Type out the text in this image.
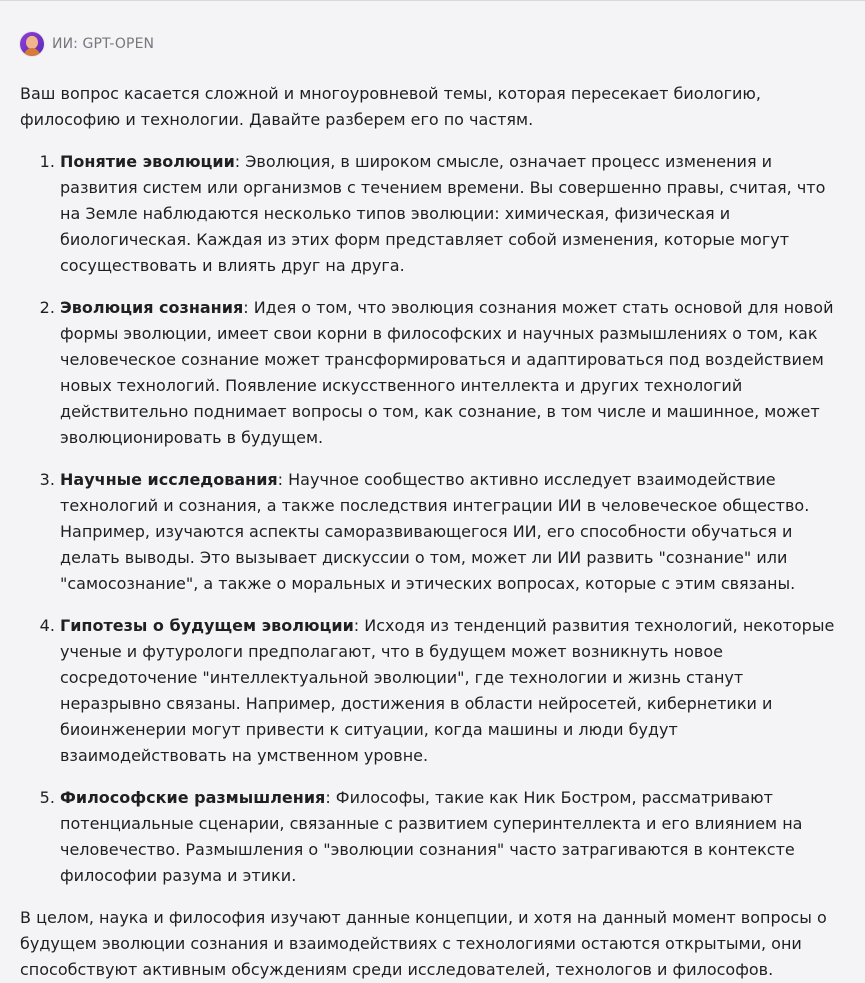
ИИ: GPT-OPEN

Ваш вопрос касается сложной и многоуровневой темы, которая пересекает биологию, философию и технологии. Давайте разберем его по частям.

1. Понятие эволюции: Эволюция, в широком смысле, означает процесс изменения и развития систем или организмов с течением времени. Вы совершенно правы, считая, что на Земле наблюдаются несколько типов эволюции: химическая, физическая и биологическая. Каждая из этих форм представляет собой изменения, которые могут сосуществовать и влиять друг на друга.
2. Эволюция сознания: Идея о том, что эволюция сознания может стать основой для новой формы эволюции, имеет свои корни в философских и научных размышлениях о том, как человеческое сознание может трансформироваться и адаптироваться под воздействием новых технологий. Появление искусственного интеллекта и других технологий действительно поднимает вопросы о том, как сознание, в том числе и машинное, может эволюционировать в будущем.
3. Научные исследования: Научное сообщество активно исследует взаимодействие технологий и сознания, а также последствия интеграции ИИ в человеческое общество. Например, изучаются аспекты саморазвивающегося ИИ, его способности обучаться и делать выводы. Это вызывает дискуссии о том, может ли ИИ развить "сознание" или "самосознание", а также о моральных и этических вопросах, которые с этим связаны.
4. Гипотезы о будущем эволюции: Исходя из тенденций развития технологий, некоторые ученые и футурологи предполагают, что в будущем может возникнуть новое сосредоточение "интеллектуальной эволюции", где технологии и жизнь станут неразрывно связаны. Например, достижения в области нейросетей, кибернетики и биоинженерии могут привести к ситуации, когда машины и люди будут взаимодействовать на умственном уровне.
5. Философские размышления: Философы, такие как Ник Бостром, рассматривают потенциальные сценарии, связанные с развитием суперинтеллекта и его влиянием на человечество. Размышления о "эволюции сознания" часто затрагиваются в контексте философии разума и этики.

В целом, наука и философия изучают данные концепции, и хотя на данный момент вопросы о будущем эволюции сознания и взаимодействиях с технологиями остаются открытыми, они способствуют активным обсуждениям среди исследователей, технологов и философов.
